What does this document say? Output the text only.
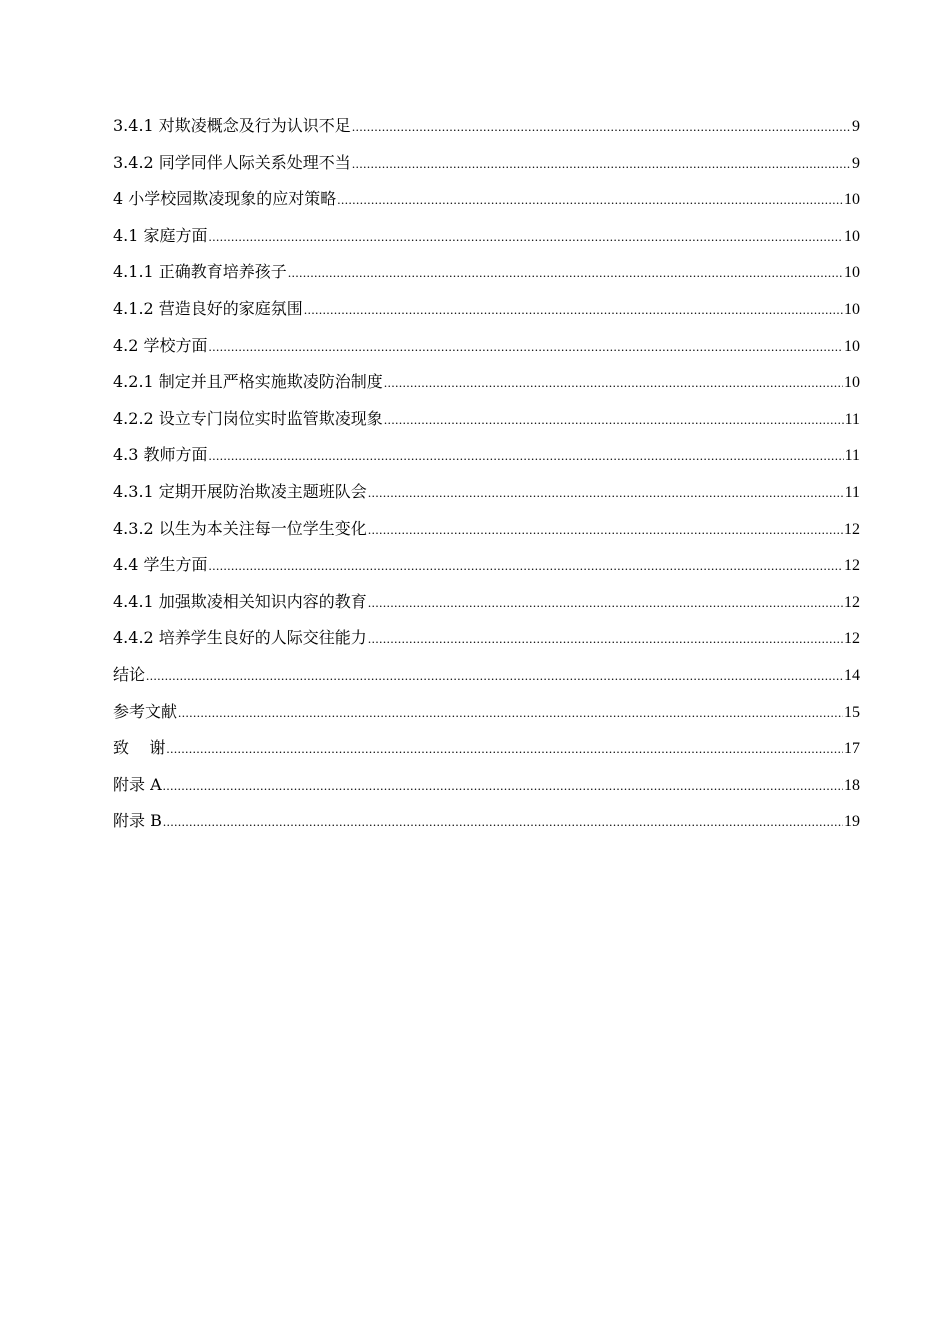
3.4.1 对欺凌概念及行为认识不足 .....	9
3.4.2 同学同伴人际关系处理不当 .....	9
4 小学校园欺凌现象的应对策略 .....	10
4.1 家庭方面 .....	10
4.1.1 正确教育培养孩子 .....	10
4.1.2 营造良好的家庭氛围 .....	10
4.2 学校方面 .....	10
4.2.1 制定并且严格实施欺凌防治制度 .....	10
4.2.2 设立专门岗位实时监管欺凌现象 .....	11
4.3 教师方面 .....	11
4.3.1 定期开展防治欺凌主题班队会 .....	11
4.3.2 以生为本关注每一位学生变化 .....	12
4.4 学生方面 .....	12
4.4.1 加强欺凌相关知识内容的教育 .....	12
4.4.2 培养学生良好的人际交往能力 .....	12
结论 .....	14
参考文献 .....	15
致    谢 .....	17
附录 A .....	18
附录 B .....	19
